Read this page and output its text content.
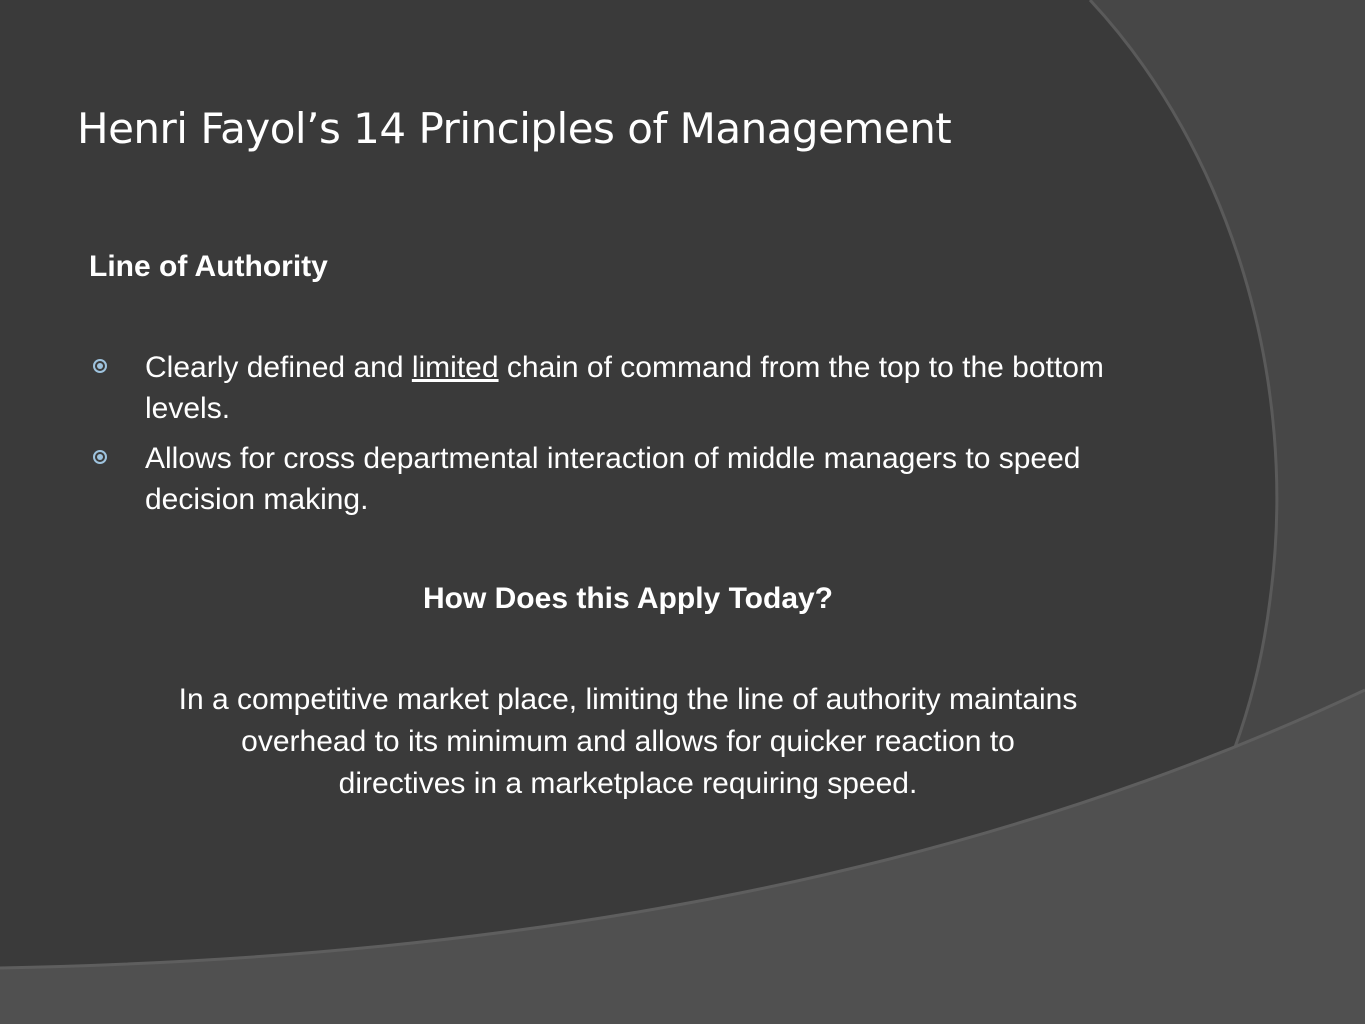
Henri Fayol’s 14 Principles of Management
Line of Authority
Clearly defined and limited chain of command from the top to the bottom levels.
Allows for cross departmental interaction of middle managers to speed decision making.
How Does this Apply Today?
In a competitive market place, limiting the line of authority maintains
overhead to its minimum and allows for quicker reaction to
directives in a marketplace requiring speed.
